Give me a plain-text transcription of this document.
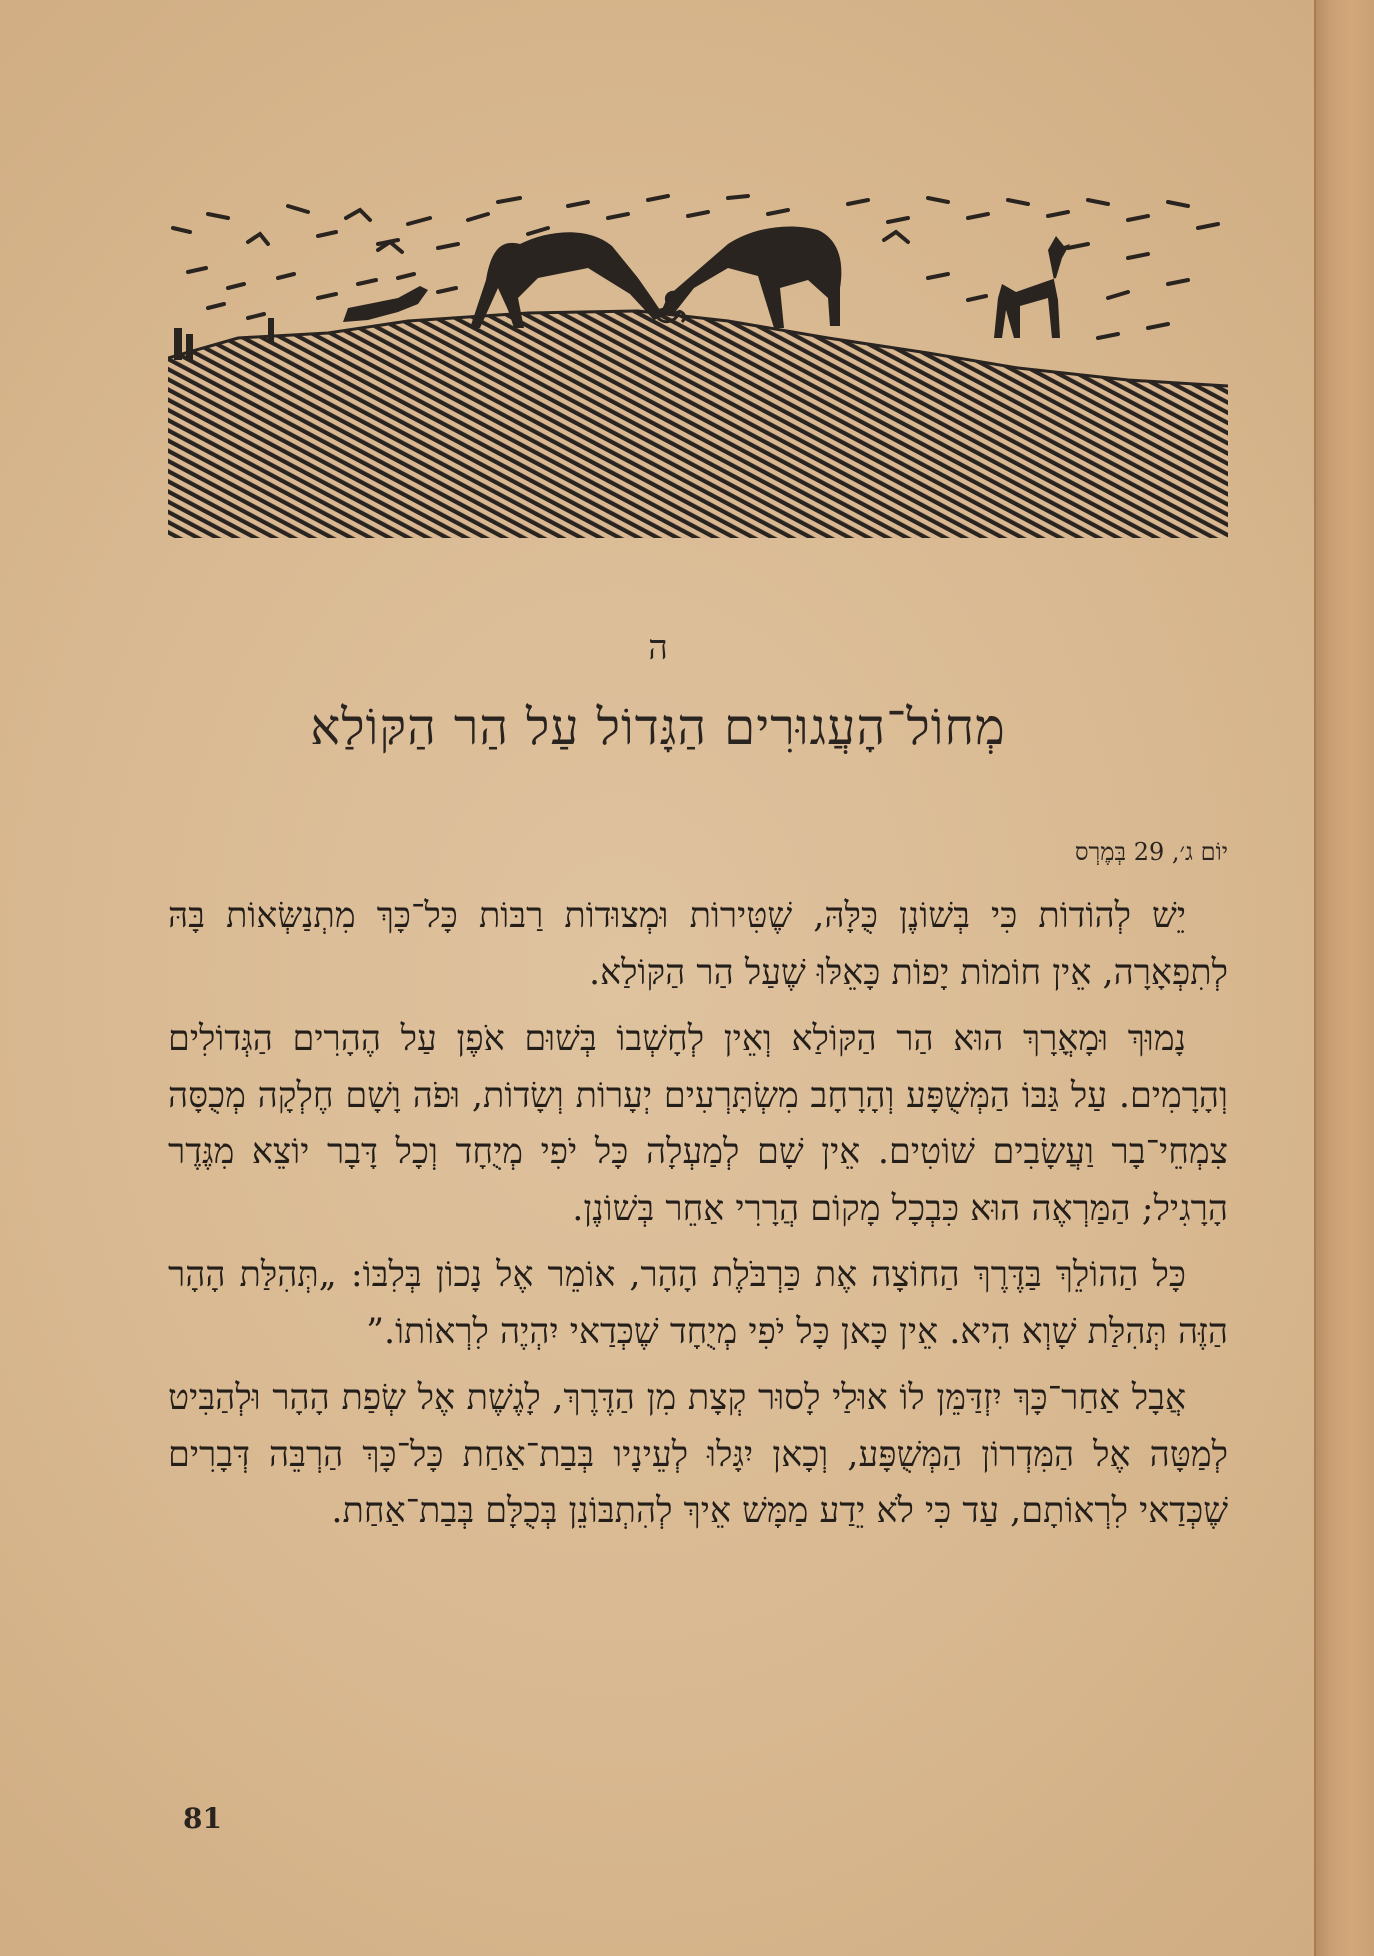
ה
מְחוֹל־הָעֲגוּרִים הַגָּדוֹל עַל הַר הַקּוֹלַא
יוֹם ג׳, 29 בְּמֶרְס

יֵשׁ לְהוֹדוֹת כִּי בְּשׁוֹנֶן כֻּלָּהּ, שֶׁטִּירוֹת וּמְצוּדוֹת רַבּוֹת כָּל־כָּךְ מִתְנַשְּׂאוֹת בָּהּ לְתִפְאָרָה, אֵין חוֹמוֹת יָפוֹת כָּאֵלּוּ שֶׁעַל הַר הַקּוֹלַא.

נָמוּךְ וּמָאֳרָךְ הוּא הַר הַקּוֹלַא וְאֵין לְחָשְׁבוֹ בְּשׁוּם אֹפֶן עַל הֶהָרִים הַגְּדוֹלִים וְהָרָמִים. עַל גַּבּוֹ הַמְּשֻׁפָּע וְהָרָחָב מִשְׂתָּרְעִים יְעָרוֹת וְשָׂדוֹת, וּפֹה וָשָׁם חֶלְקָה מְכֻסָּה צִמְחֵי־בָר וַעֲשָׂבִים שׁוֹטִים. אֵין שָׁם לְמַעְלָה כָּל יֹפִי מְיֻחָד וְכָל דָּבָר יוֹצֵא מִגֶּדֶר הָרָגִיל; הַמַּרְאֶה הוּא כִּבְכָל מָקוֹם הֲרָרִי אַחֵר בְּשׁוֹנֶן.

כָּל הַהוֹלֵךְ בַּדֶּרֶךְ הַחוֹצָה אֶת כַּרְבֹּלֶת הָהָר, אוֹמֵר אֶל נָכוֹן בְּלִבּוֹ: „תְּהִלַּת הָהָר הַזֶּה תְּהִלַּת שָׁוְא הִיא. אֵין כָּאן כָּל יֹפִי מְיֻחָד שֶׁכְּדַאי יִהְיֶה לִרְאוֹתוֹ.”

אֲבָל אַחַר־כָּךְ יִזְדַּמֵּן לוֹ אוּלַי לָסוּר קְצָת מִן הַדֶּרֶךְ, לָגֶשֶׁת אֶל שְׂפַת הָהָר וּלְהַבִּיט לְמַטָּה אֶל הַמִּדְרוֹן הַמְּשֻׁפָּע, וְכָאן יִגָּלוּ לְעֵינָיו בְּבַת־אַחַת כָּל־כָּךְ הַרְבֵּה דְּבָרִים שֶׁכְּדַאי לִרְאוֹתָם, עַד כִּי לֹא יֵדַע מַמָּשׁ אֵיךְ לְהִתְבּוֹנֵן בְּכֻלָּם בְּבַת־אַחַת.

81
